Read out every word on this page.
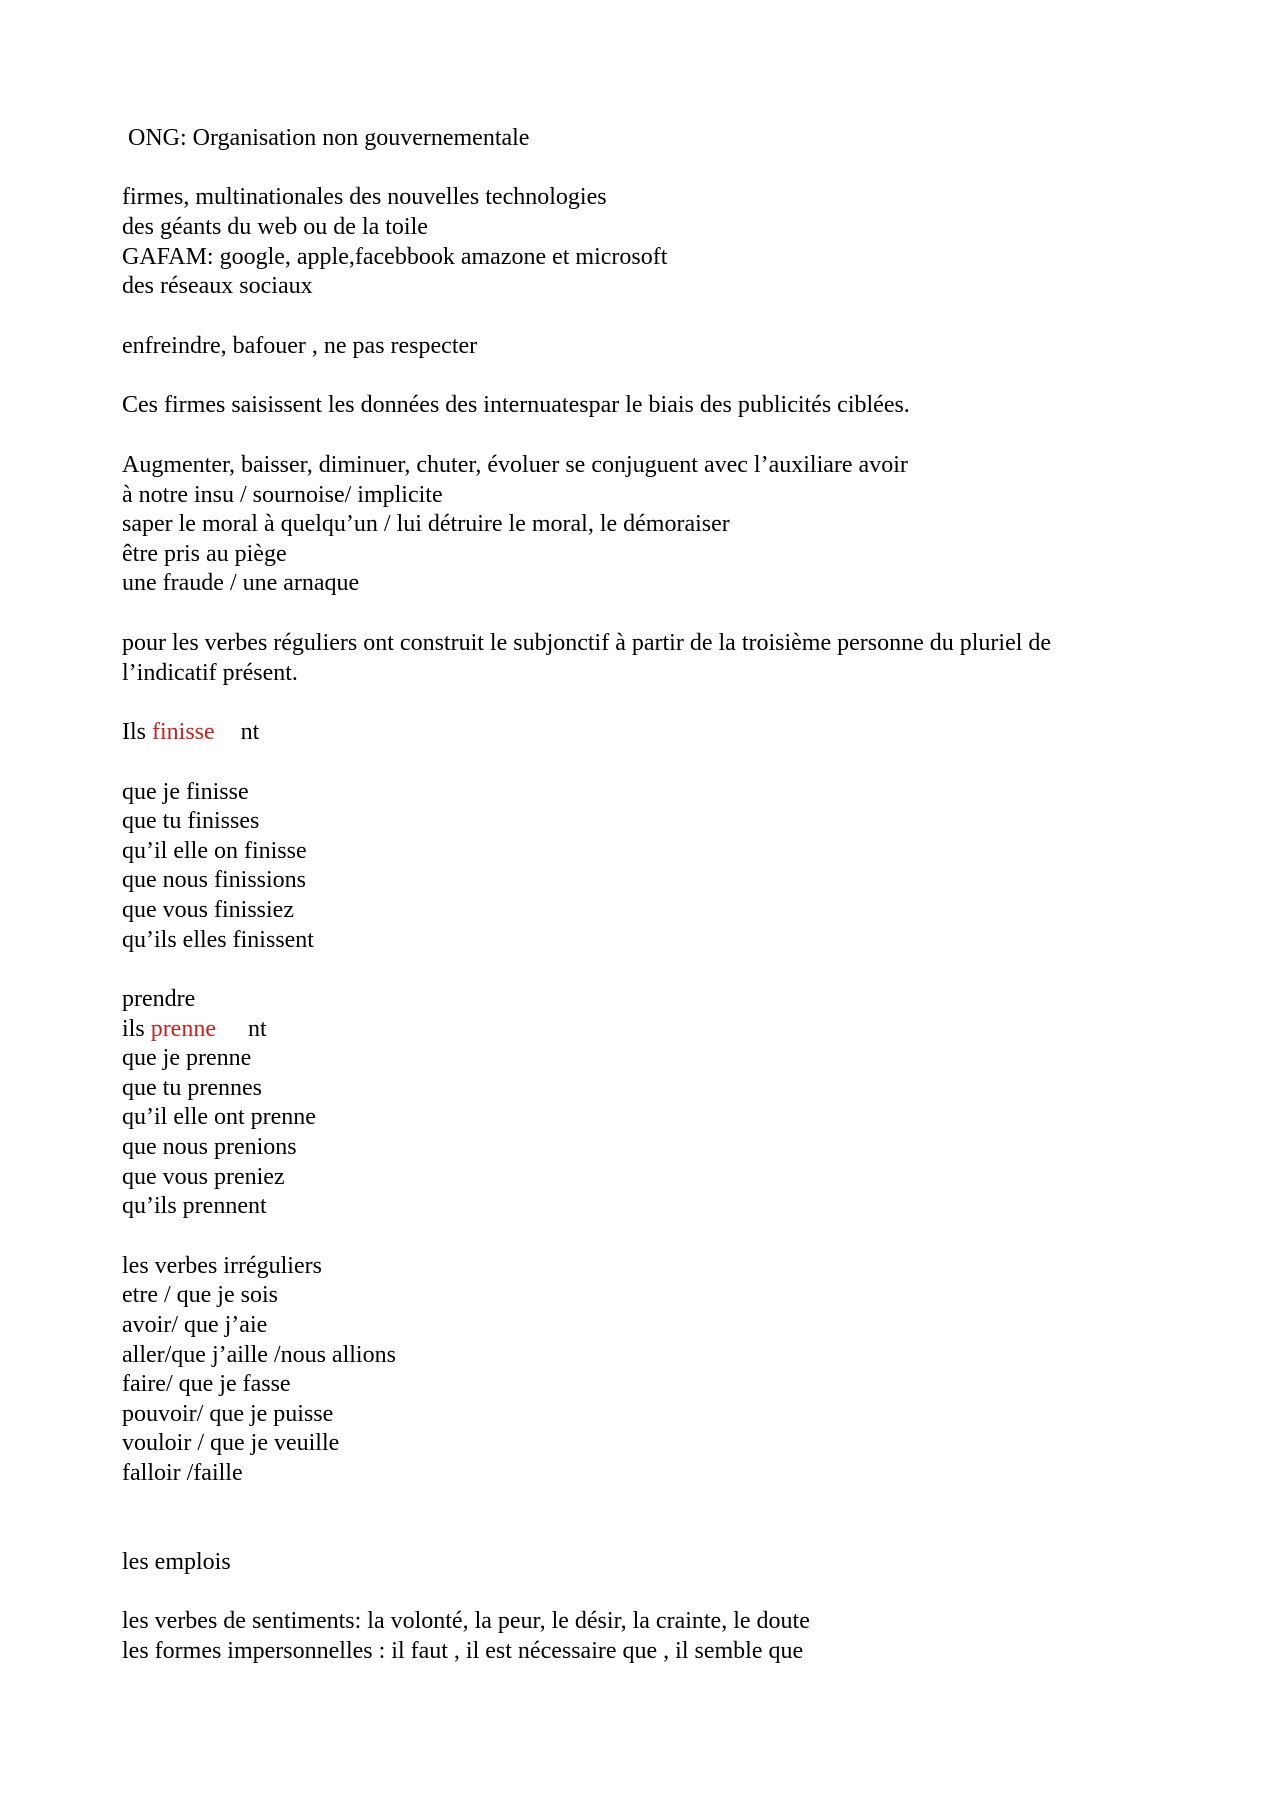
ONG: Organisation non gouvernementale
firmes, multinationales des nouvelles technologies
des géants du web ou de la toile
GAFAM: google, apple,facebbook amazone et microsoft
des réseaux sociaux
enfreindre, bafouer , ne pas respecter
Ces firmes saisissent les données des internuatespar le biais des publicités ciblées.
Augmenter, baisser, diminuer, chuter, évoluer se conjuguent avec l’auxiliare avoir
à notre insu / sournoise/ implicite
saper le moral à quelqu’un / lui détruire le moral, le démoraiser
être pris au piège
une fraude / une arnaque
pour les verbes réguliers ont construit le subjonctif à partir de la troisième personne du pluriel de
l’indicatif présent.
Ils finisse nt
que je finisse
que tu finisses
qu’il elle on finisse
que nous finissions
que vous finissiez
qu’ils elles finissent
prendre
ils prenne nt
que je prenne
que tu prennes
qu’il elle ont prenne
que nous prenions
que vous preniez
qu’ils prennent
les verbes irréguliers
etre / que je sois
avoir/ que j’aie
aller/que j’aille /nous allions
faire/ que je fasse
pouvoir/ que je puisse
vouloir / que je veuille
falloir /faille
les emplois
les verbes de sentiments: la volonté, la peur, le désir, la crainte, le doute
les formes impersonnelles : il faut , il est nécessaire que , il semble que
